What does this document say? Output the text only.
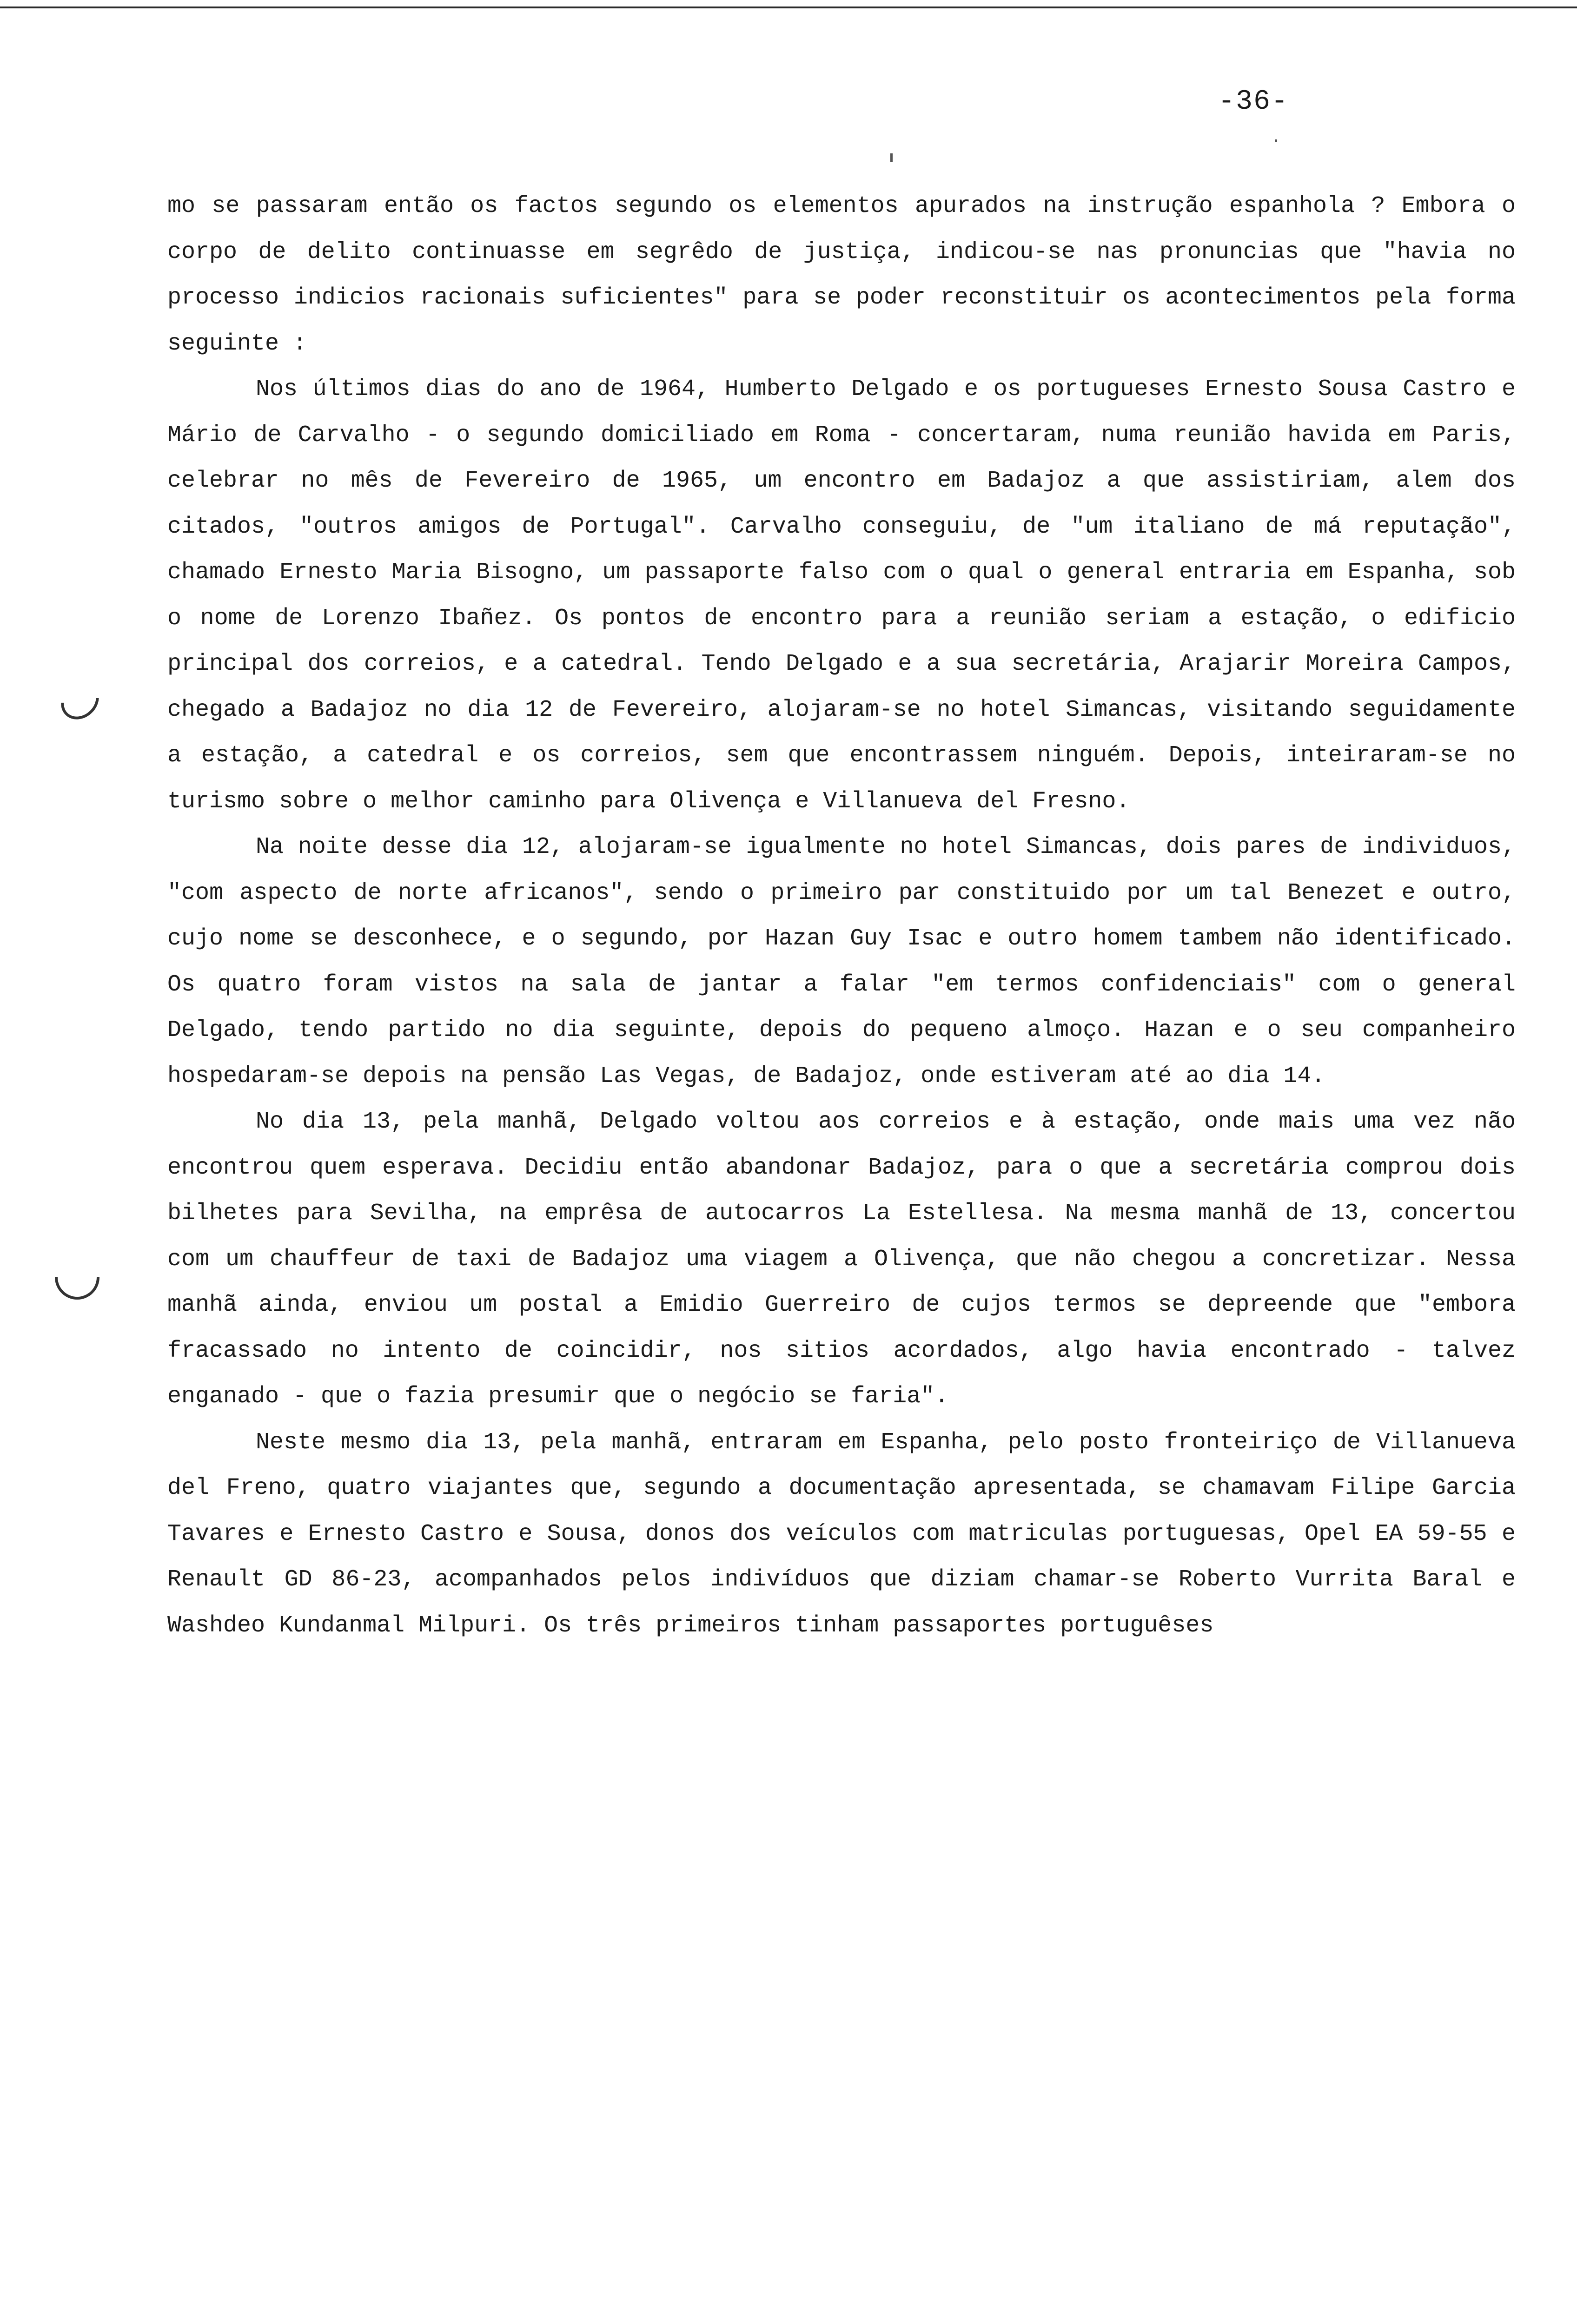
-36-

mo se passaram então os factos segundo os elementos apurados na instrução espanhola ? Embora o corpo de delito continuasse em segrêdo de justiça, indicou-se nas pronuncias que "havia no processo indicios racionais suficientes" para se poder reconstituir os acontecimentos pela forma seguinte :

Nos últimos dias do ano de 1964, Humberto Delgado e os portugueses Ernesto Sousa Castro e Mário de Carvalho - o segundo domiciliado em Roma - concertaram, numa reunião havida em Paris, celebrar no mês de Fevereiro de 1965, um encontro em Badajoz a que assistiriam, alem dos citados, "outros amigos de Portugal". Carvalho conseguiu, de "um italiano de má reputação", chamado Ernesto Maria Bisogno, um passaporte falso com o qual o general entraria em Espanha, sob o nome de Lorenzo Ibañez. Os pontos de encontro para a reunião seriam a estação, o edificio principal dos correios, e a catedral. Tendo Delgado e a sua secretária, Arajarir Moreira Campos, chegado a Badajoz no dia 12 de Fevereiro, alojaram-se no hotel Simancas, visitando seguidamente a estação, a catedral e os correios, sem que encontrassem ninguém. Depois, inteiraram-se no turismo sobre o melhor caminho para Olivença e Villanueva del Fresno.

Na noite desse dia 12, alojaram-se igualmente no hotel Simancas, dois pares de individuos, "com aspecto de norte africanos", sendo o primeiro par constituido por um tal Benezet e outro, cujo nome se desconhece, e o segundo, por Hazan Guy Isac e outro homem tambem não identificado. Os quatro foram vistos na sala de jantar a falar "em termos confidenciais" com o general Delgado, tendo partido no dia seguinte, depois do pequeno almoço. Hazan e o seu companheiro hospedaram-se depois na pensão Las Vegas, de Badajoz, onde estiveram até ao dia 14.

No dia 13, pela manhã, Delgado voltou aos correios e à estação, onde mais uma vez não encontrou quem esperava. Decidiu então abandonar Badajoz, para o que a secretária comprou dois bilhetes para Sevilha, na emprêsa de autocarros La Estellesa. Na mesma manhã de 13, concertou com um chauffeur de taxi de Badajoz uma viagem a Olivença, que não chegou a concretizar. Nessa manhã ainda, enviou um postal a Emidio Guerreiro de cujos termos se depreende que "embora fracassado no intento de coincidir, nos sitios acordados, algo havia encontrado - talvez enganado - que o fazia presumir que o negócio se faria".

Neste mesmo dia 13, pela manhã, entraram em Espanha, pelo posto fronteiriço de Villanueva del Freno, quatro viajantes que, segundo a documentação apresentada, se chamavam Filipe Garcia Tavares e Ernesto Castro e Sousa, donos dos veículos com matriculas portuguesas, Opel EA 59-55 e Renault GD 86-23, acompanhados pelos indivíduos que diziam chamar-se Roberto Vurrita Baral e Washdeo Kundanmal Milpuri. Os três primeiros tinham passaportes portuguêses
